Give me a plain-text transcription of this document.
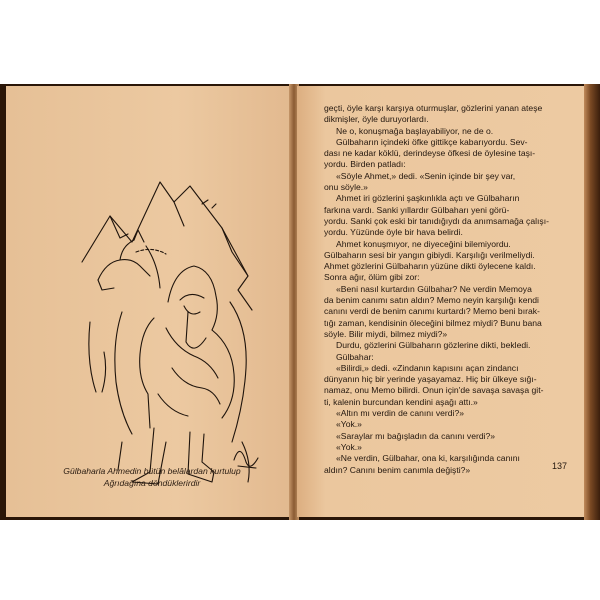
Gülbaharla Ahmedin bütün belâlardan kurtulup
Ağrıdağına döndüklerirdir
geçti, öyle karşı karşıya oturmuşlar, gözlerini yanan ateşe
dikmişler, öyle duruyorlardı.
Ne o, konuşmağa başlayabiliyor, ne de o.
Gülbaharın içindeki öfke gittikçe kabarıyordu. Sev-
dası ne kadar köklü, derindeyse öfkesi de öylesine taşı-
yordu. Birden patladı:
«Söyle Ahmet,» dedi. «Senin içinde bir şey var,
onu söyle.»
Ahmet iri gözlerini şaşkınlıkla açtı ve Gülbaharın
farkına vardı. Sanki yıllardır Gülbaharı yeni görü-
yordu. Sanki çok eski bir tanıdığıydı da anımsamağa çalışı-
yordu. Yüzünde öyle bir hava belirdi.
Ahmet konuşmıyor, ne diyeceğini bilemiyordu.
Gülbaharın sesi bir yangın gibiydi. Karşılığı verilmeliydi.
Ahmet gözlerini Gülbaharın yüzüne dikti öylecene kaldı.
Sonra ağır, ölüm gibi zor:
«Beni nasıl kurtardın Gülbahar? Ne verdin Memoya
da benim canımı satın aldın? Memo neyin karşılığı kendi
canını verdi de benim canımı kurtardı? Memo beni bırak-
tığı zaman, kendisinin öleceğini bilmez miydi? Bunu bana
söyle. Bilir miydi, bilmez miydi?»
Durdu, gözlerini Gülbaharın gözlerine dikti, bekledi.
Gülbahar:
«Bilirdi,» dedi. «Zindanın kapısını açan zindancı
dünyanın hiç bir yerinde yaşayamaz. Hiç bir ülkeye sığı-
namaz, onu Memo bilirdi. Onun için'de savaşa savaşa git-
ti, kalenin burcundan kendini aşağı attı.»
«Altın mı verdin de canını verdi?»
«Yok.»
«Saraylar mı bağışladın da canını verdi?»
«Yok.»
«Ne verdin, Gülbahar, ona ki, karşılığında canını
aldın? Canını benim canımla değişti?»	137
